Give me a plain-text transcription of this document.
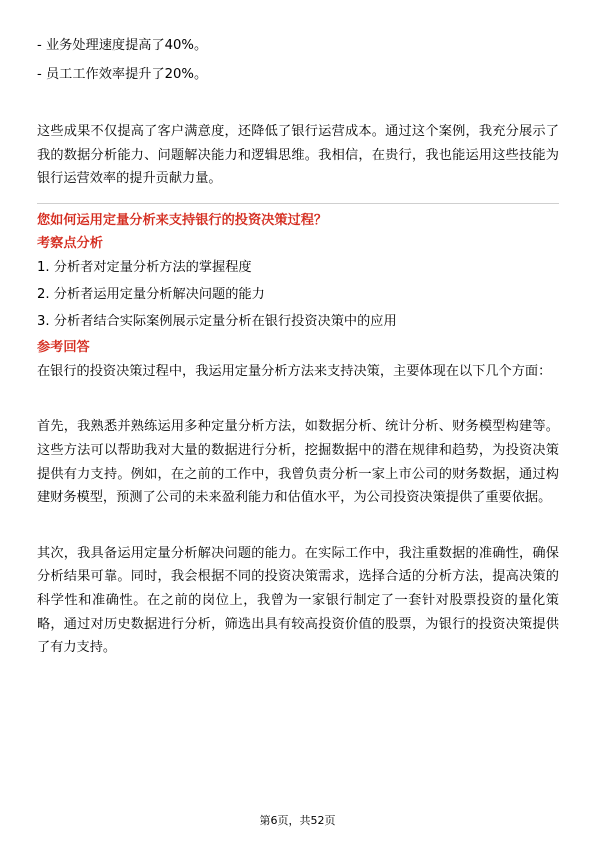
- 业务处理速度提高了40%。

- 员工工作效率提升了20%。

这些成果不仅提高了客户满意度，还降低了银行运营成本。通过这个案例，我充分展示了我的数据分析能力、问题解决能力和逻辑思维。我相信，在贵行，我也能运用这些技能为银行运营效率的提升贡献力量。

您如何运用定量分析来支持银行的投资决策过程？

考察点分析

1. 分析者对定量分析方法的掌握程度

2. 分析者运用定量分析解决问题的能力

3. 分析者结合实际案例展示定量分析在银行投资决策中的应用

参考回答

在银行的投资决策过程中，我运用定量分析方法来支持决策，主要体现在以下几个方面：

首先，我熟悉并熟练运用多种定量分析方法，如数据分析、统计分析、财务模型构建等。这些方法可以帮助我对大量的数据进行分析，挖掘数据中的潜在规律和趋势，为投资决策提供有力支持。例如，在之前的工作中，我曾负责分析一家上市公司的财务数据，通过构建财务模型，预测了公司的未来盈利能力和估值水平，为公司投资决策提供了重要依据。

其次，我具备运用定量分析解决问题的能力。在实际工作中，我注重数据的准确性，确保分析结果可靠。同时，我会根据不同的投资决策需求，选择合适的分析方法，提高决策的科学性和准确性。在之前的岗位上，我曾为一家银行制定了一套针对股票投资的量化策略，通过对历史数据进行分析，筛选出具有较高投资价值的股票，为银行的投资决策提供了有力支持。

第6页，共52页
